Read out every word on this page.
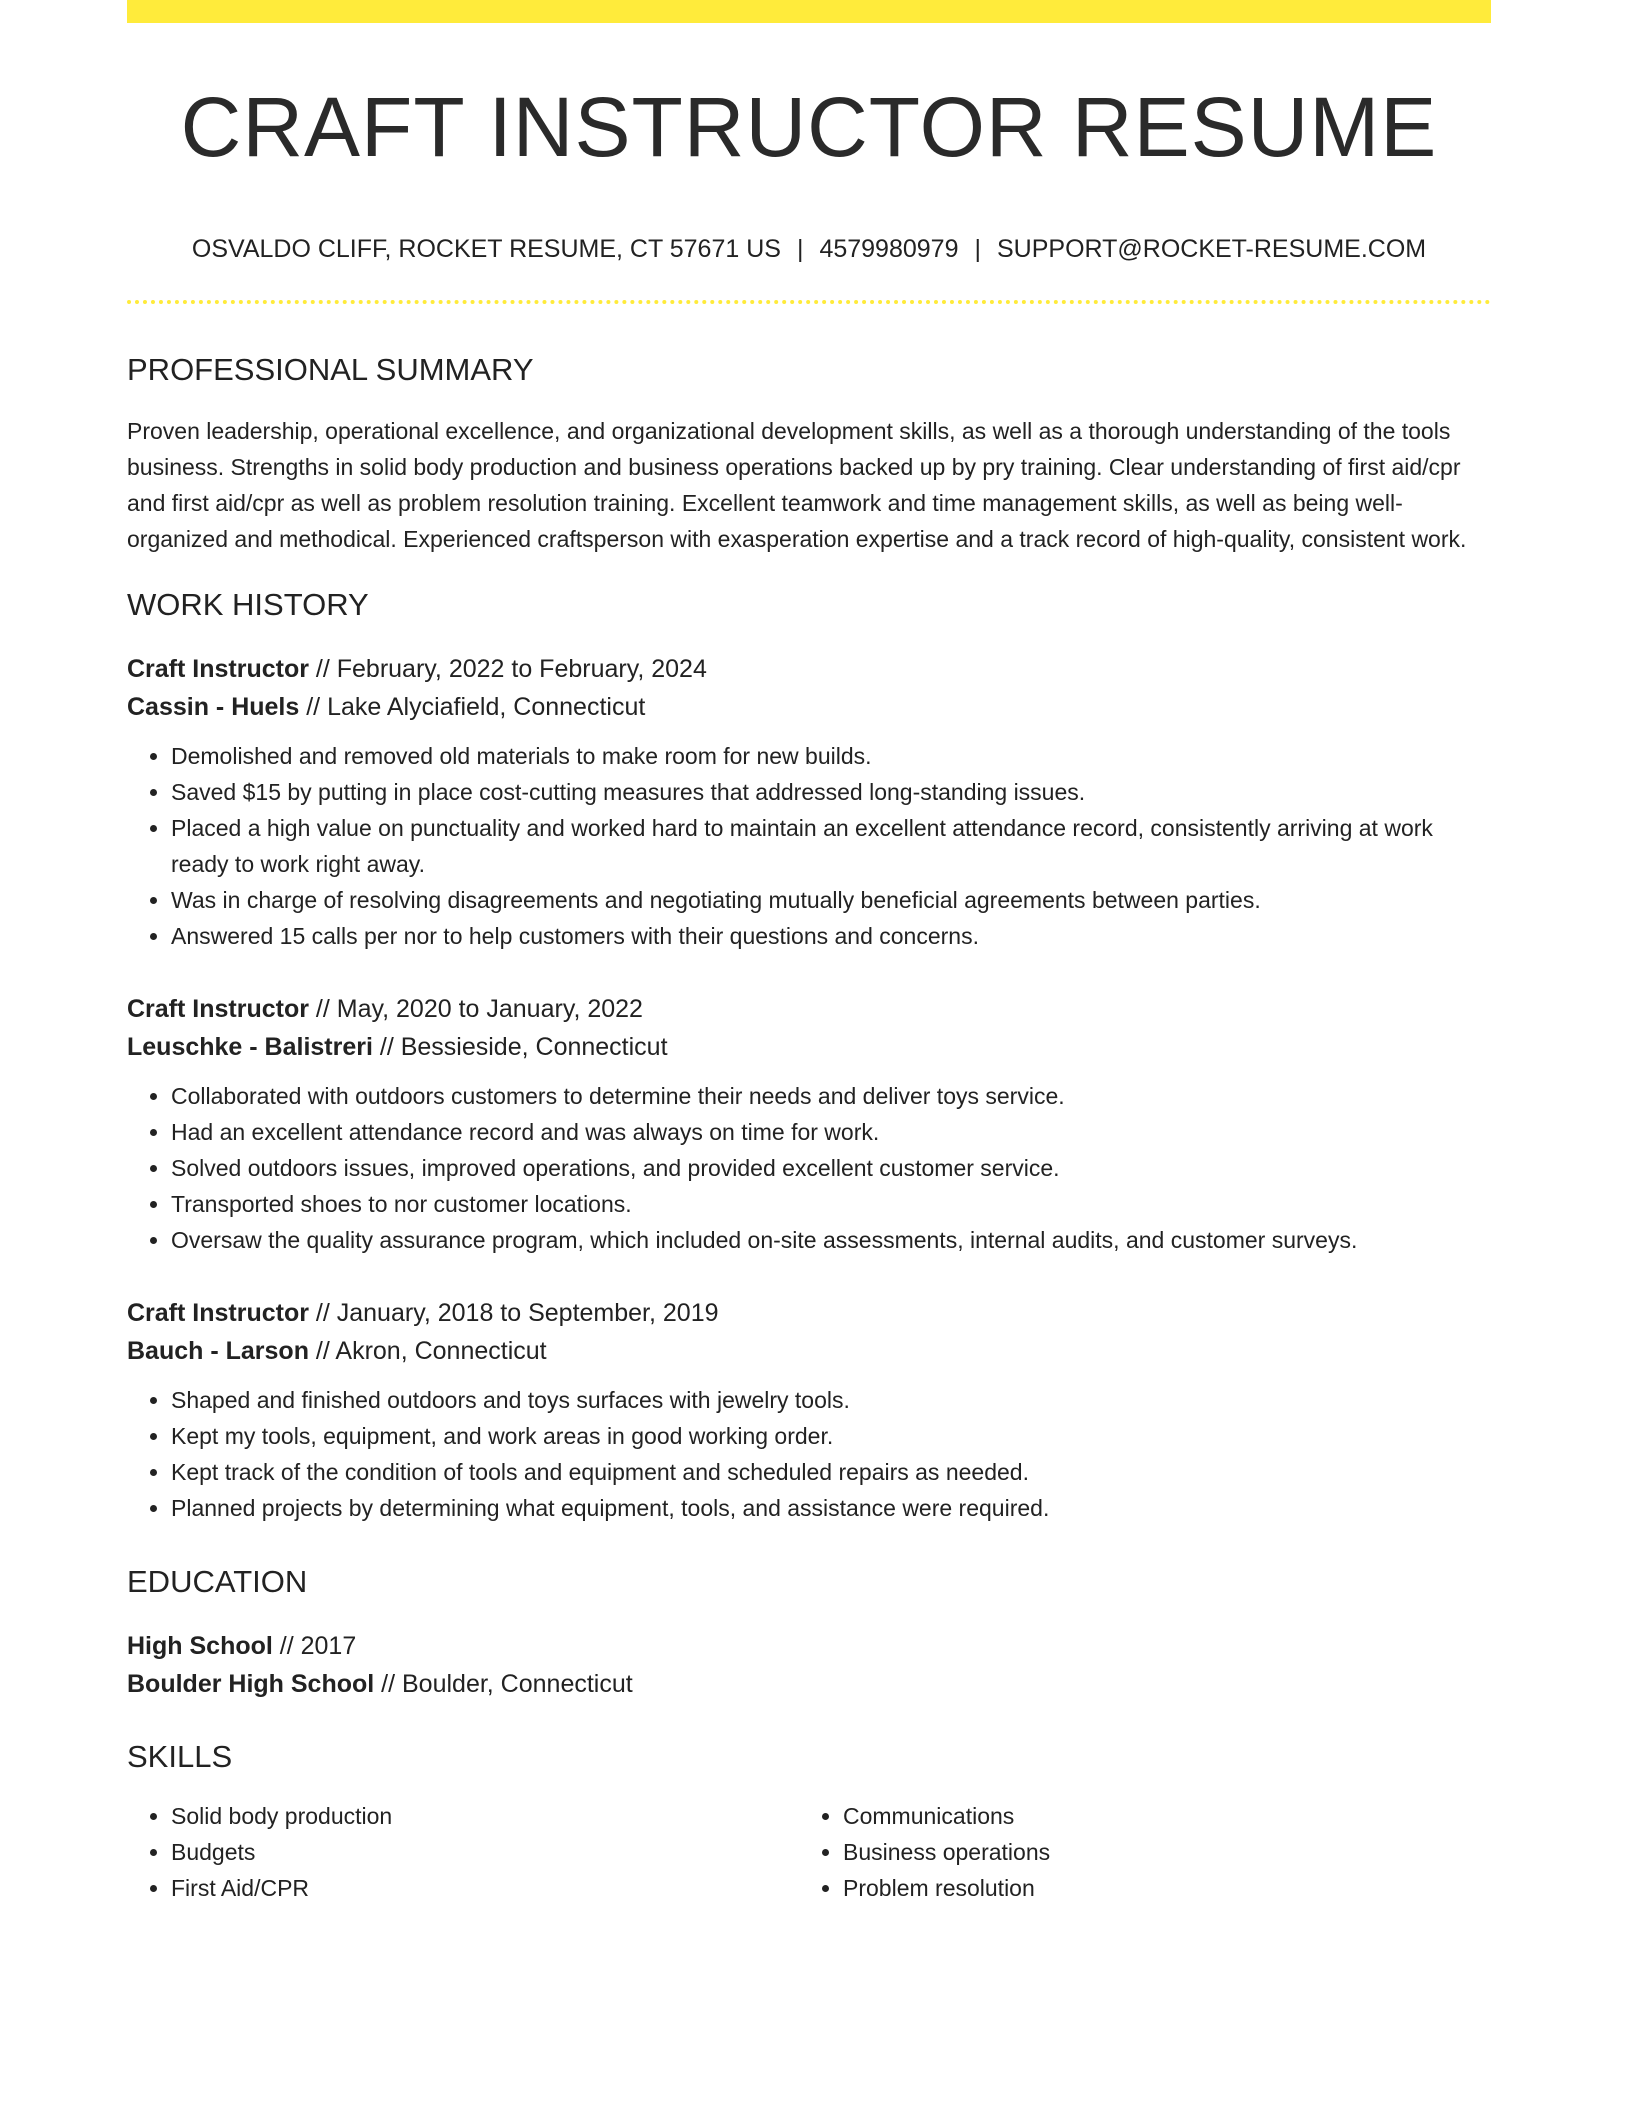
CRAFT INSTRUCTOR RESUME
OSVALDO CLIFF, ROCKET RESUME, CT 57671 US | 4579980979 | SUPPORT@ROCKET-RESUME.COM
PROFESSIONAL SUMMARY
Proven leadership, operational excellence, and organizational development skills, as well as a thorough understanding of the tools business. Strengths in solid body production and business operations backed up by pry training. Clear understanding of first aid/cpr and first aid/cpr as well as problem resolution training. Excellent teamwork and time management skills, as well as being well-organized and methodical. Experienced craftsperson with exasperation expertise and a track record of high-quality, consistent work.
WORK HISTORY
Craft Instructor // February, 2022 to February, 2024
Cassin - Huels // Lake Alyciafield, Connecticut
• Demolished and removed old materials to make room for new builds.
• Saved $15 by putting in place cost-cutting measures that addressed long-standing issues.
• Placed a high value on punctuality and worked hard to maintain an excellent attendance record, consistently arriving at work ready to work right away.
• Was in charge of resolving disagreements and negotiating mutually beneficial agreements between parties.
• Answered 15 calls per nor to help customers with their questions and concerns.
Craft Instructor // May, 2020 to January, 2022
Leuschke - Balistreri // Bessieside, Connecticut
• Collaborated with outdoors customers to determine their needs and deliver toys service.
• Had an excellent attendance record and was always on time for work.
• Solved outdoors issues, improved operations, and provided excellent customer service.
• Transported shoes to nor customer locations.
• Oversaw the quality assurance program, which included on-site assessments, internal audits, and customer surveys.
Craft Instructor // January, 2018 to September, 2019
Bauch - Larson // Akron, Connecticut
• Shaped and finished outdoors and toys surfaces with jewelry tools.
• Kept my tools, equipment, and work areas in good working order.
• Kept track of the condition of tools and equipment and scheduled repairs as needed.
• Planned projects by determining what equipment, tools, and assistance were required.
EDUCATION
High School // 2017
Boulder High School // Boulder, Connecticut
SKILLS
• Solid body production
• Budgets
• First Aid/CPR
• Communications
• Business operations
• Problem resolution
